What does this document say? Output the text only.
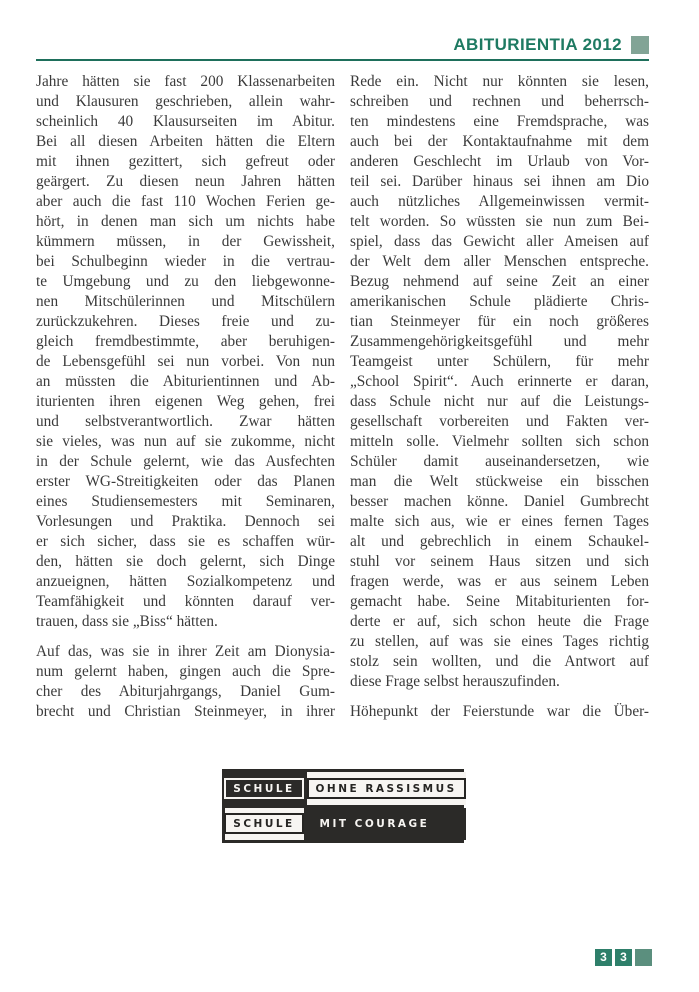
ABITURIENTIA 2012
Jahre hätten sie fast 200 Klassenarbeiten
und Klausuren geschrieben, allein wahr-
scheinlich 40 Klausurseiten im Abitur.
Bei all diesen Arbeiten hätten die Eltern
mit ihnen gezittert, sich gefreut oder
geärgert. Zu diesen neun Jahren hätten
aber auch die fast 110 Wochen Ferien ge-
hört, in denen man sich um nichts habe
kümmern müssen, in der Gewissheit,
bei Schulbeginn wieder in die vertrau-
te Umgebung und zu den liebgewonne-
nen Mitschülerinnen und Mitschülern
zurückzukehren. Dieses freie und zu-
gleich fremdbestimmte, aber beruhigen-
de Lebensgefühl sei nun vorbei. Von nun
an müssten die Abiturientinnen und Ab-
iturienten ihren eigenen Weg gehen, frei
und selbstverantwortlich. Zwar hätten
sie vieles, was nun auf sie zukomme, nicht
in der Schule gelernt, wie das Ausfechten
erster WG-Streitigkeiten oder das Planen
eines Studiensemesters mit Seminaren,
Vorlesungen und Praktika. Dennoch sei
er sich sicher, dass sie es schaffen wür-
den, hätten sie doch gelernt, sich Dinge
anzueignen, hätten Sozialkompetenz und
Teamfähigkeit und könnten darauf ver-
trauen, dass sie „Biss“ hätten.
Auf das, was sie in ihrer Zeit am Dionysia-
num gelernt haben, gingen auch die Spre-
cher des Abiturjahrgangs, Daniel Gum-
brecht und Christian Steinmeyer, in ihrer
Rede ein. Nicht nur könnten sie lesen,
schreiben und rechnen und beherrsch-
ten mindestens eine Fremdsprache, was
auch bei der Kontaktaufnahme mit dem
anderen Geschlecht im Urlaub von Vor-
teil sei. Darüber hinaus sei ihnen am Dio
auch nützliches Allgemeinwissen vermit-
telt worden. So wüssten sie nun zum Bei-
spiel, dass das Gewicht aller Ameisen auf
der Welt dem aller Menschen entspreche.
Bezug nehmend auf seine Zeit an einer
amerikanischen Schule plädierte Chris-
tian Steinmeyer für ein noch größeres
Zusammengehörigkeitsgefühl und mehr
Teamgeist unter Schülern, für mehr
„School Spirit“. Auch erinnerte er daran,
dass Schule nicht nur auf die Leistungs-
gesellschaft vorbereiten und Fakten ver-
mitteln solle. Vielmehr sollten sich schon
Schüler damit auseinandersetzen, wie
man die Welt stückweise ein bisschen
besser machen könne. Daniel Gumbrecht
malte sich aus, wie er eines fernen Tages
alt und gebrechlich in einem Schaukel-
stuhl vor seinem Haus sitzen und sich
fragen werde, was er aus seinem Leben
gemacht habe. Seine Mitabiturienten for-
derte er auf, sich schon heute die Frage
zu stellen, auf was sie eines Tages richtig
stolz sein wollten, und die Antwort auf
diese Frage selbst herauszufinden.
Höhepunkt der Feierstunde war die Über-
SCHULE	OHNE RASSISMUS
SCHULE	MIT COURAGE
3	3
